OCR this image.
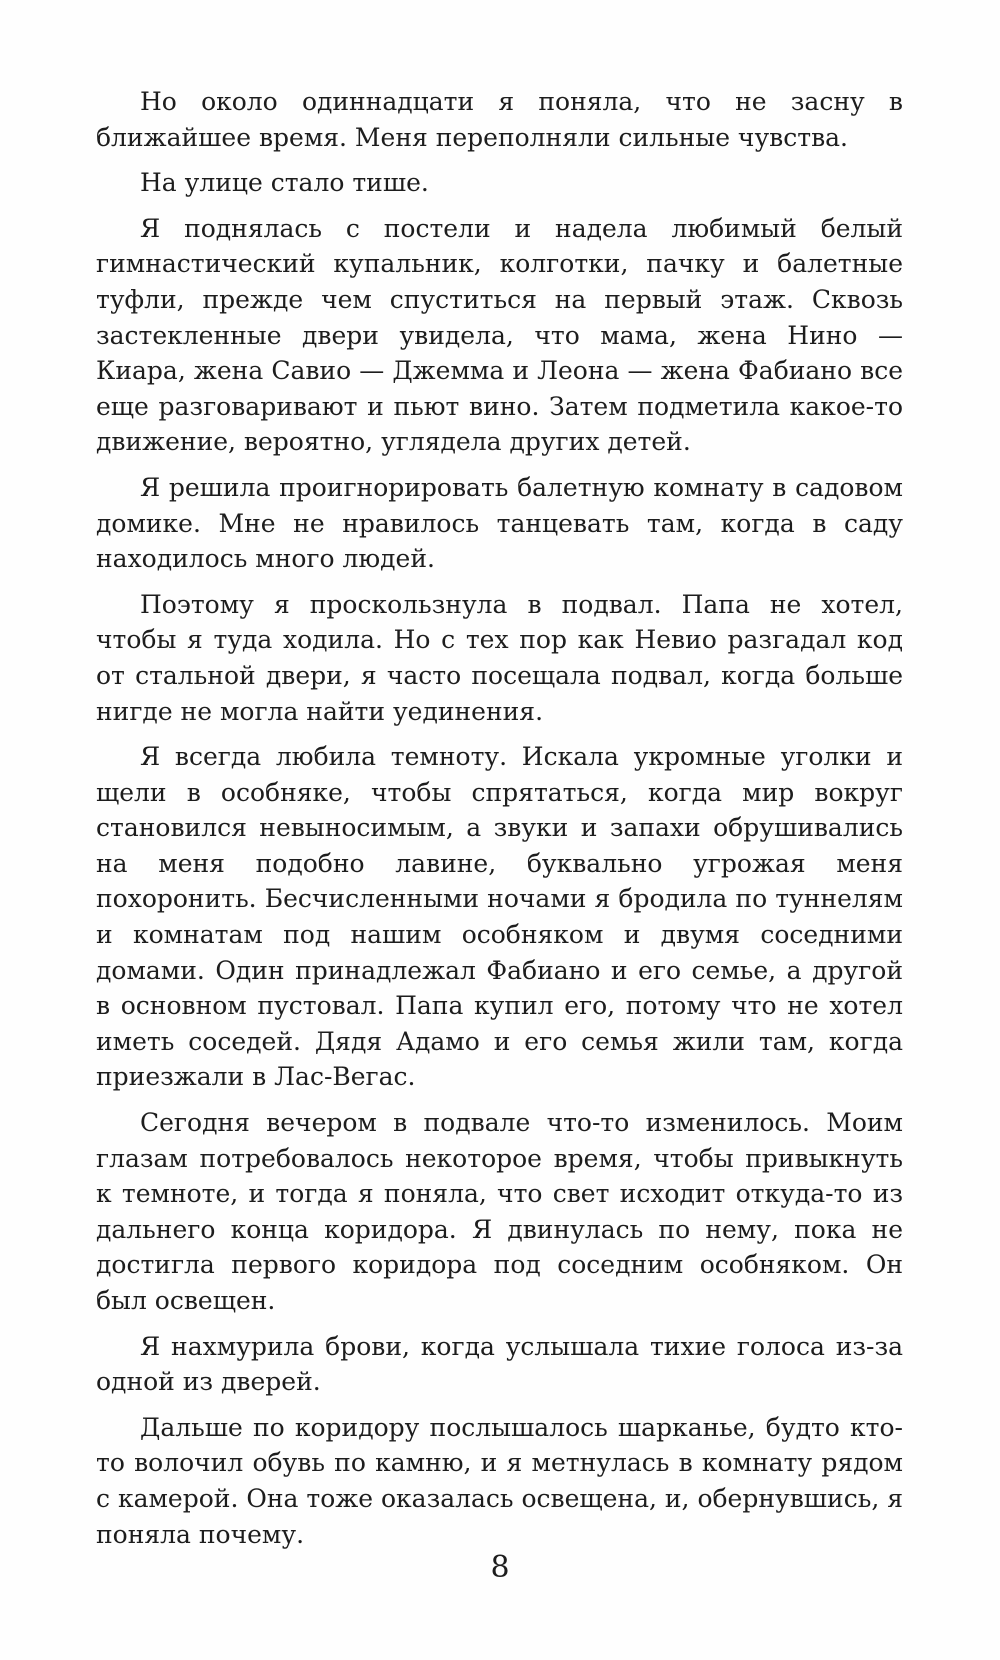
Но около одиннадцати я поняла, что не засну в ближайшее время. Меня переполняли сильные чувства.

На улице стало тише.

Я поднялась с постели и надела любимый белый гимнастический купальник, колготки, пачку и балетные туфли, прежде чем спуститься на первый этаж. Сквозь застекленные двери увидела, что мама, жена Нино — Киара, жена Савио — Джемма и Леона — жена Фабиано все еще разговаривают и пьют вино. Затем подметила какое-то движение, вероятно, углядела других детей.

Я решила проигнорировать балетную комнату в садовом домике. Мне не нравилось танцевать там, когда в саду находилось много людей.

Поэтому я проскользнула в подвал. Папа не хотел, чтобы я туда ходила. Но с тех пор как Невио разгадал код от стальной двери, я часто посещала подвал, когда больше нигде не могла найти уединения.

Я всегда любила темноту. Искала укромные уголки и щели в особняке, чтобы спрятаться, когда мир вокруг становился невыносимым, а звуки и запахи обрушивались на меня подобно лавине, буквально угрожая меня похоронить. Бесчисленными ночами я бродила по туннелям и комнатам под нашим особняком и двумя соседними домами. Один принадлежал Фабиано и его семье, а другой в основном пустовал. Папа купил его, потому что не хотел иметь соседей. Дядя Адамо и его семья жили там, когда приезжали в Лас-Вегас.

Сегодня вечером в подвале что-то изменилось. Моим глазам потребовалось некоторое время, чтобы привыкнуть к темноте, и тогда я поняла, что свет исходит откуда-то из дальнего конца коридора. Я двинулась по нему, пока не достигла первого коридора под соседним особняком. Он был освещен.

Я нахмурила брови, когда услышала тихие голоса из-за одной из дверей.

Дальше по коридору послышалось шарканье, будто кто-то волочил обувь по камню, и я метнулась в комнату рядом с камерой. Она тоже оказалась освещена, и, обернувшись, я поняла почему.

8
